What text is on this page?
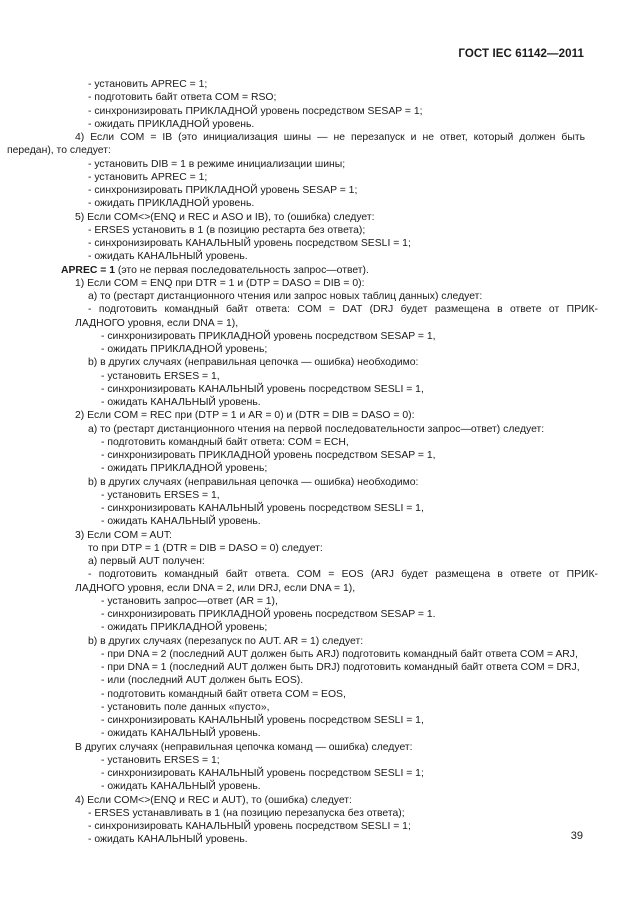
ГОСТ IEC 61142—2011
- установить APREC = 1;
- подготовить байт ответа COM = RSO;
- синхронизировать ПРИКЛАДНОЙ уровень посредством SESAP = 1;
- ожидать ПРИКЛАДНОЙ уровень.
4) Если COM = IB (это инициализация шины — не перезапуск и не ответ, который должен быть
передан), то следует:
- установить DIB = 1 в режиме инициализации шины;
- установить APREC = 1;
- синхронизировать ПРИКЛАДНОЙ уровень SESAP = 1;
- ожидать ПРИКЛАДНОЙ уровень.
5) Если COM<>(ENQ и REC и ASO и IB), то (ошибка) следует:
- ERSES установить в 1 (в позицию рестарта без ответа);
- синхронизировать КАНАЛЬНЫЙ уровень посредством SESLI = 1;
- ожидать КАНАЛЬНЫЙ уровень.
APREC = 1 (это не первая последовательность запрос—ответ).
1) Если COM = ENQ при DTR = 1 и (DTP = DASO = DIB = 0):
а) то (рестарт дистанционного чтения или запрос новых таблиц данных) следует:
- подготовить командный байт ответа: COM = DAT (DRJ будет размещена в ответе от ПРИК-
ЛАДНОГО уровня, если DNA = 1),
- синхронизировать ПРИКЛАДНОЙ уровень посредством SESAP = 1,
- ожидать ПРИКЛАДНОЙ уровень;
b) в других случаях (неправильная цепочка — ошибка) необходимо:
- установить ERSES = 1,
- синхронизировать КАНАЛЬНЫЙ уровень посредством SESLI = 1,
- ожидать КАНАЛЬНЫЙ уровень.
2) Если COM = REC при (DTP = 1 и AR = 0) и (DTR = DIB = DASO = 0):
а) то (рестарт дистанционного чтения на первой последовательности запрос—ответ) следует:
- подготовить командный байт ответа: COM = ECH,
- синхронизировать ПРИКЛАДНОЙ уровень посредством SESAP = 1,
- ожидать ПРИКЛАДНОЙ уровень;
b) в других случаях (неправильная цепочка — ошибка) необходимо:
- установить ERSES = 1,
- синхронизировать КАНАЛЬНЫЙ уровень посредством SESLI = 1,
- ожидать КАНАЛЬНЫЙ уровень.
3) Если COM = AUT:
то при DTP = 1 (DTR = DIB = DASO = 0) следует:
а) первый AUT получен:
- подготовить командный байт ответа. COM = EOS (ARJ будет размещена в ответе от ПРИК-
ЛАДНОГО уровня, если DNA = 2, или DRJ, если DNA = 1),
- установить запрос—ответ (AR = 1),
- синхронизировать ПРИКЛАДНОЙ уровень посредством SESAP = 1.
- ожидать ПРИКЛАДНОЙ уровень;
b) в других случаях (перезапуск по AUT. AR = 1) следует:
- при DNA = 2 (последний AUT должен быть ARJ) подготовить командный байт ответа COM = ARJ,
- при DNA = 1 (последний AUT должен быть DRJ) подготовить командный байт ответа COM = DRJ,
- или (последний AUT должен быть EOS).
- подготовить командный байт ответа COM = EOS,
- установить поле данных «пусто»,
- синхронизировать КАНАЛЬНЫЙ уровень посредством SESLI = 1,
- ожидать КАНАЛЬНЫЙ уровень.
В других случаях (неправильная цепочка команд — ошибка) следует:
- установить ERSES = 1;
- синхронизировать КАНАЛЬНЫЙ уровень посредством SESLI = 1;
- ожидать КАНАЛЬНЫЙ уровень.
4) Если COM<>(ENQ и REC и AUT), то (ошибка) следует:
- ERSES устанавливать в 1 (на позицию перезапуска без ответа);
- синхронизировать КАНАЛЬНЫЙ уровень посредством SESLI = 1;
- ожидать КАНАЛЬНЫЙ уровень.	39
